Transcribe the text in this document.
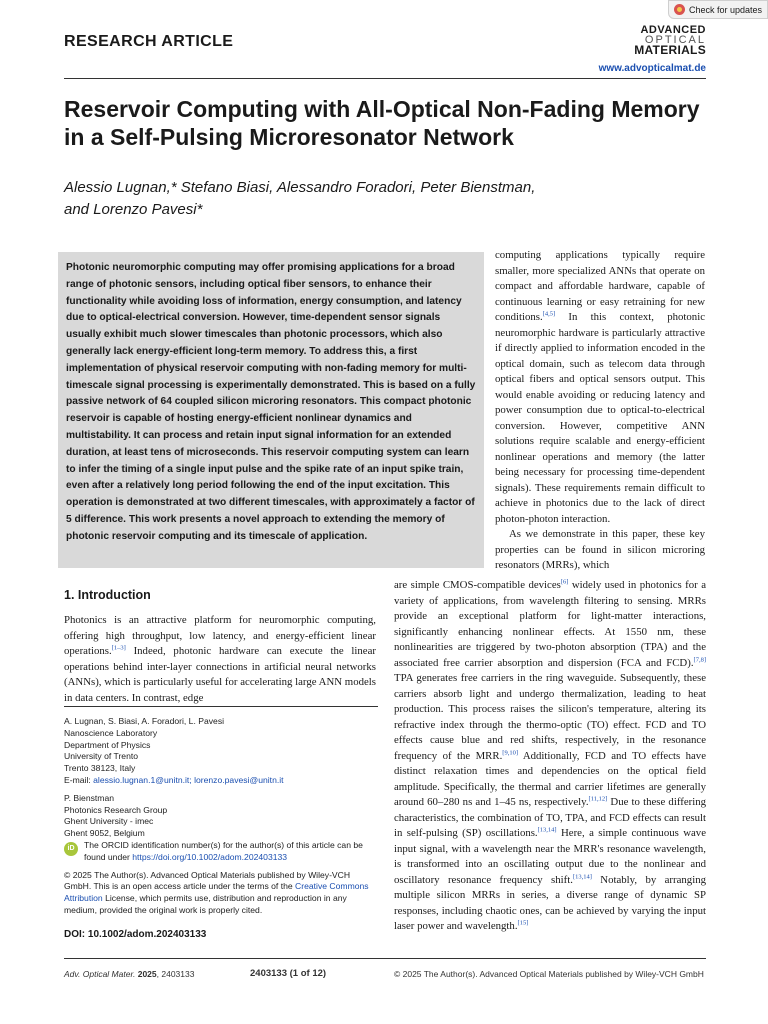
Check for updates
RESEARCH ARTICLE
ADVANCED
OPTICAL
MATERIALS
www.advopticalmat.de
Reservoir Computing with All-Optical Non-Fading Memory in a Self-Pulsing Microresonator Network
Alessio Lugnan,* Stefano Biasi, Alessandro Foradori, Peter Bienstman,
and Lorenzo Pavesi*

Photonic neuromorphic computing may offer promising applications for a broad range of photonic sensors, including optical fiber sensors, to enhance their functionality while avoiding loss of information, energy consumption, and latency due to optical-electrical conversion. However, time-dependent sensor signals usually exhibit much slower timescales than photonic processors, which also generally lack energy-efficient long-term memory. To address this, a first implementation of physical reservoir computing with non-fading memory for multi-timescale signal processing is experimentally demonstrated. This is based on a fully passive network of 64 coupled silicon microring resonators. This compact photonic reservoir is capable of hosting energy-efficient nonlinear dynamics and multistability. It can process and retain input signal information for an extended duration, at least tens of microseconds. This reservoir computing system can learn to infer the timing of a single input pulse and the spike rate of an input spike train, even after a relatively long period following the end of the input excitation. This operation is demonstrated at two different timescales, with approximately a factor of 5 difference. This work presents a novel approach to extending the memory of photonic reservoir computing and its timescale of application.

1. Introduction

Photonics is an attractive platform for neuromorphic computing, offering high throughput, low latency, and energy-efficient linear operations.[1–3] Indeed, photonic hardware can execute the linear operations behind inter-layer connections in artificial neural networks (ANNs), which is particularly useful for accelerating large ANN models in data centers. In contrast, edge

computing applications typically require smaller, more specialized ANNs that operate on compact and affordable hardware, capable of continuous learning or easy retraining for new conditions.[4,5] In this context, photonic neuromorphic hardware is particularly attractive if directly applied to information encoded in the optical domain, such as telecom data through optical fibers and optical sensors output. This would enable avoiding or reducing latency and power consumption due to optical-to-electrical conversion. However, competitive ANN solutions require scalable and energy-efficient nonlinear operations and memory (the latter being necessary for processing time-dependent signals). These requirements remain difficult to achieve in photonics due to the lack of direct photon-photon interaction.

As we demonstrate in this paper, these key properties can be found in silicon microring resonators (MRRs), which

are simple CMOS-compatible devices[6] widely used in photonics for a variety of applications, from wavelength filtering to sensing. MRRs provide an exceptional platform for light-matter interactions, significantly enhancing nonlinear effects. At 1550 nm, these nonlinearities are triggered by two-photon absorption (TPA) and the associated free carrier absorption and dispersion (FCA and FCD).[7,8] TPA generates free carriers in the ring waveguide. Subsequently, these carriers absorb light and undergo thermalization, leading to heat production. This process raises the silicon's temperature, altering its refractive index through the thermo-optic (TO) effect. FCD and TO effects cause blue and red shifts, respectively, in the resonance frequency of the MRR.[9,10] Additionally, FCD and TO effects have distinct relaxation times and dependencies on the optical field amplitude. Specifically, the thermal and carrier lifetimes are generally around 60–280 ns and 1–45 ns, respectively.[11,12] Due to these differing characteristics, the combination of TO, TPA, and FCD effects can result in self-pulsing (SP) oscillations.[13,14] Here, a simple continuous wave input signal, with a wavelength near the MRR's resonance wavelength, is transformed into an oscillating output due to the nonlinear and oscillatory resonance frequency shift.[13,14] Notably, by arranging multiple silicon MRRs in series, a diverse range of dynamic SP responses, including chaotic ones, can be achieved by varying the input laser power and wavelength.[15]

A. Lugnan, S. Biasi, A. Foradori, L. Pavesi

Nanoscience Laboratory

Department of Physics

University of Trento

Trento 38123, Italy

E-mail: alessio.lugnan.1@unitn.it; lorenzo.pavesi@unitn.it

P. Bienstman

Photonics Research Group

Ghent University - imec

Ghent 9052, Belgium

iD	The ORCID identification number(s) for the author(s) of this article can be found under https://doi.org/10.1002/adom.202403133

© 2025 The Author(s). Advanced Optical Materials published by Wiley-VCH GmbH. This is an open access article under the terms of the Creative Commons Attribution License, which permits use, distribution and reproduction in any medium, provided the original work is properly cited.

DOI: 10.1002/adom.202403133
Adv. Optical Mater. 2025, 2403133	2403133 (1 of 12)	© 2025 The Author(s). Advanced Optical Materials published by Wiley-VCH GmbH
